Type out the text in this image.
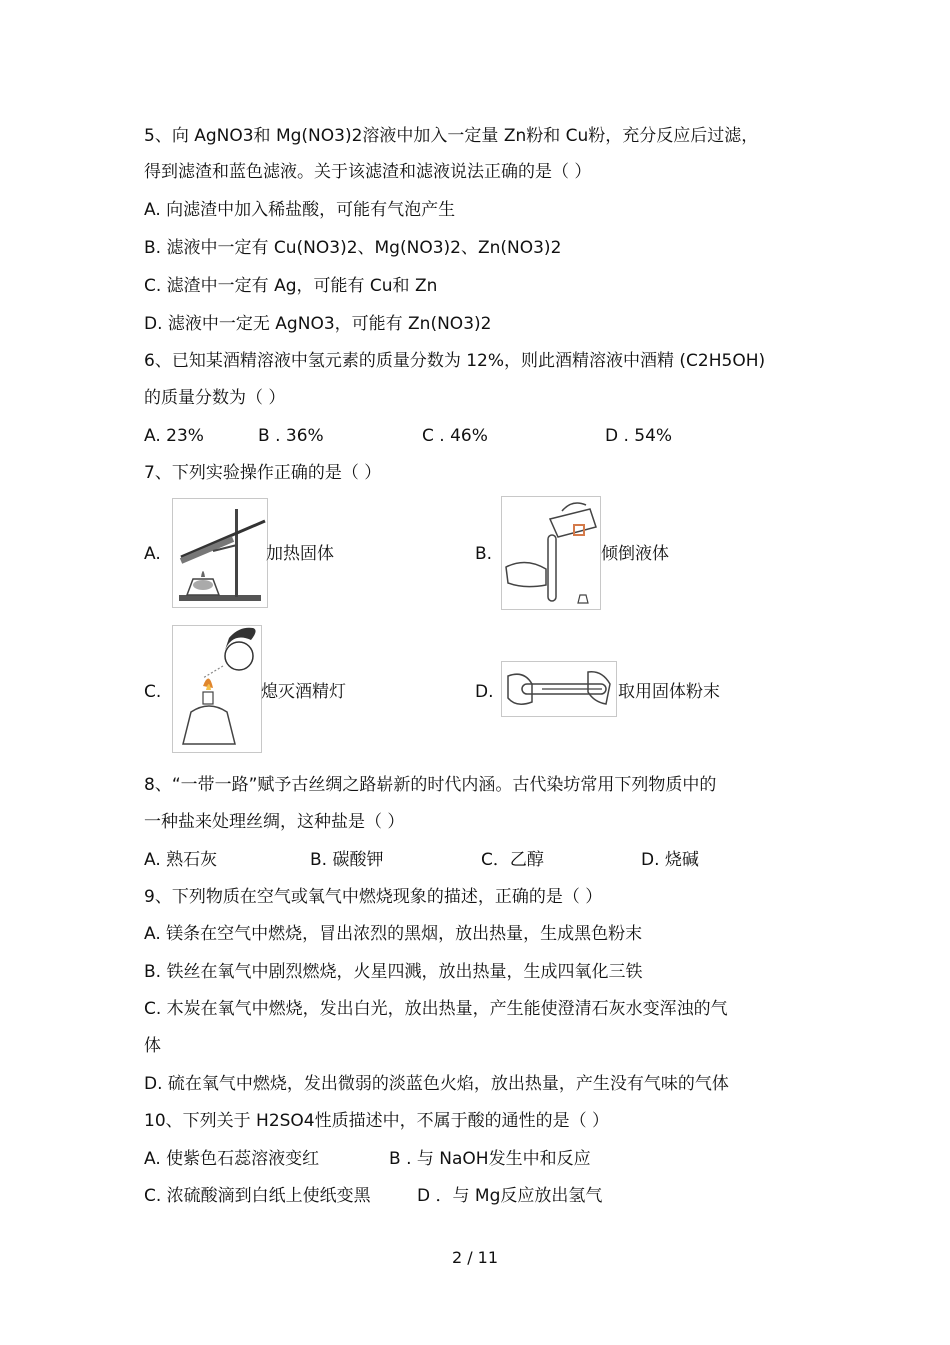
5、向 AgNO3和 Mg(NO3)2溶液中加入一定量 Zn粉和 Cu粉，充分反应后过滤，
得到滤渣和蓝色滤液。关于该滤渣和滤液说法正确的是（ ）
A. 向滤渣中加入稀盐酸，可能有气泡产生
B. 滤液中一定有 Cu(NO3)2、Mg(NO3)2、Zn(NO3)2
C. 滤渣中一定有 Ag，可能有 Cu和 Zn
D. 滤液中一定无 AgNO3，可能有 Zn(NO3)2
6、已知某酒精溶液中氢元素的质量分数为 12%，则此酒精溶液中酒精 (C2H5OH)
的质量分数为（ ）
A. 23%	B . 36%	C . 46%	D . 54%
7、下列实验操作正确的是（ ）
A.	加热固体	B.	倾倒液体
C.	熄灭酒精灯	D.	取用固体粉末
8、“一带一路”赋予古丝绸之路崭新的时代内涵。古代染坊常用下列物质中的
一种盐来处理丝绸，这种盐是（ ）
A. 熟石灰	B. 碳酸钾	C．乙醇	D. 烧碱
9、下列物质在空气或氧气中燃烧现象的描述，正确的是（ ）
A. 镁条在空气中燃烧，冒出浓烈的黑烟，放出热量，生成黑色粉末
B. 铁丝在氧气中剧烈燃烧，火星四溅，放出热量，生成四氧化三铁
C. 木炭在氧气中燃烧，发出白光，放出热量，产生能使澄清石灰水变浑浊的气
体
D. 硫在氧气中燃烧，发出微弱的淡蓝色火焰，放出热量，产生没有气味的气体
10、下列关于 H2SO4性质描述中，不属于酸的通性的是（ ）
A. 使紫色石蕊溶液变红	B . 与 NaOH发生中和反应
C. 浓硫酸滴到白纸上使纸变黑	D ．与 Mg反应放出氢气
2 / 11
